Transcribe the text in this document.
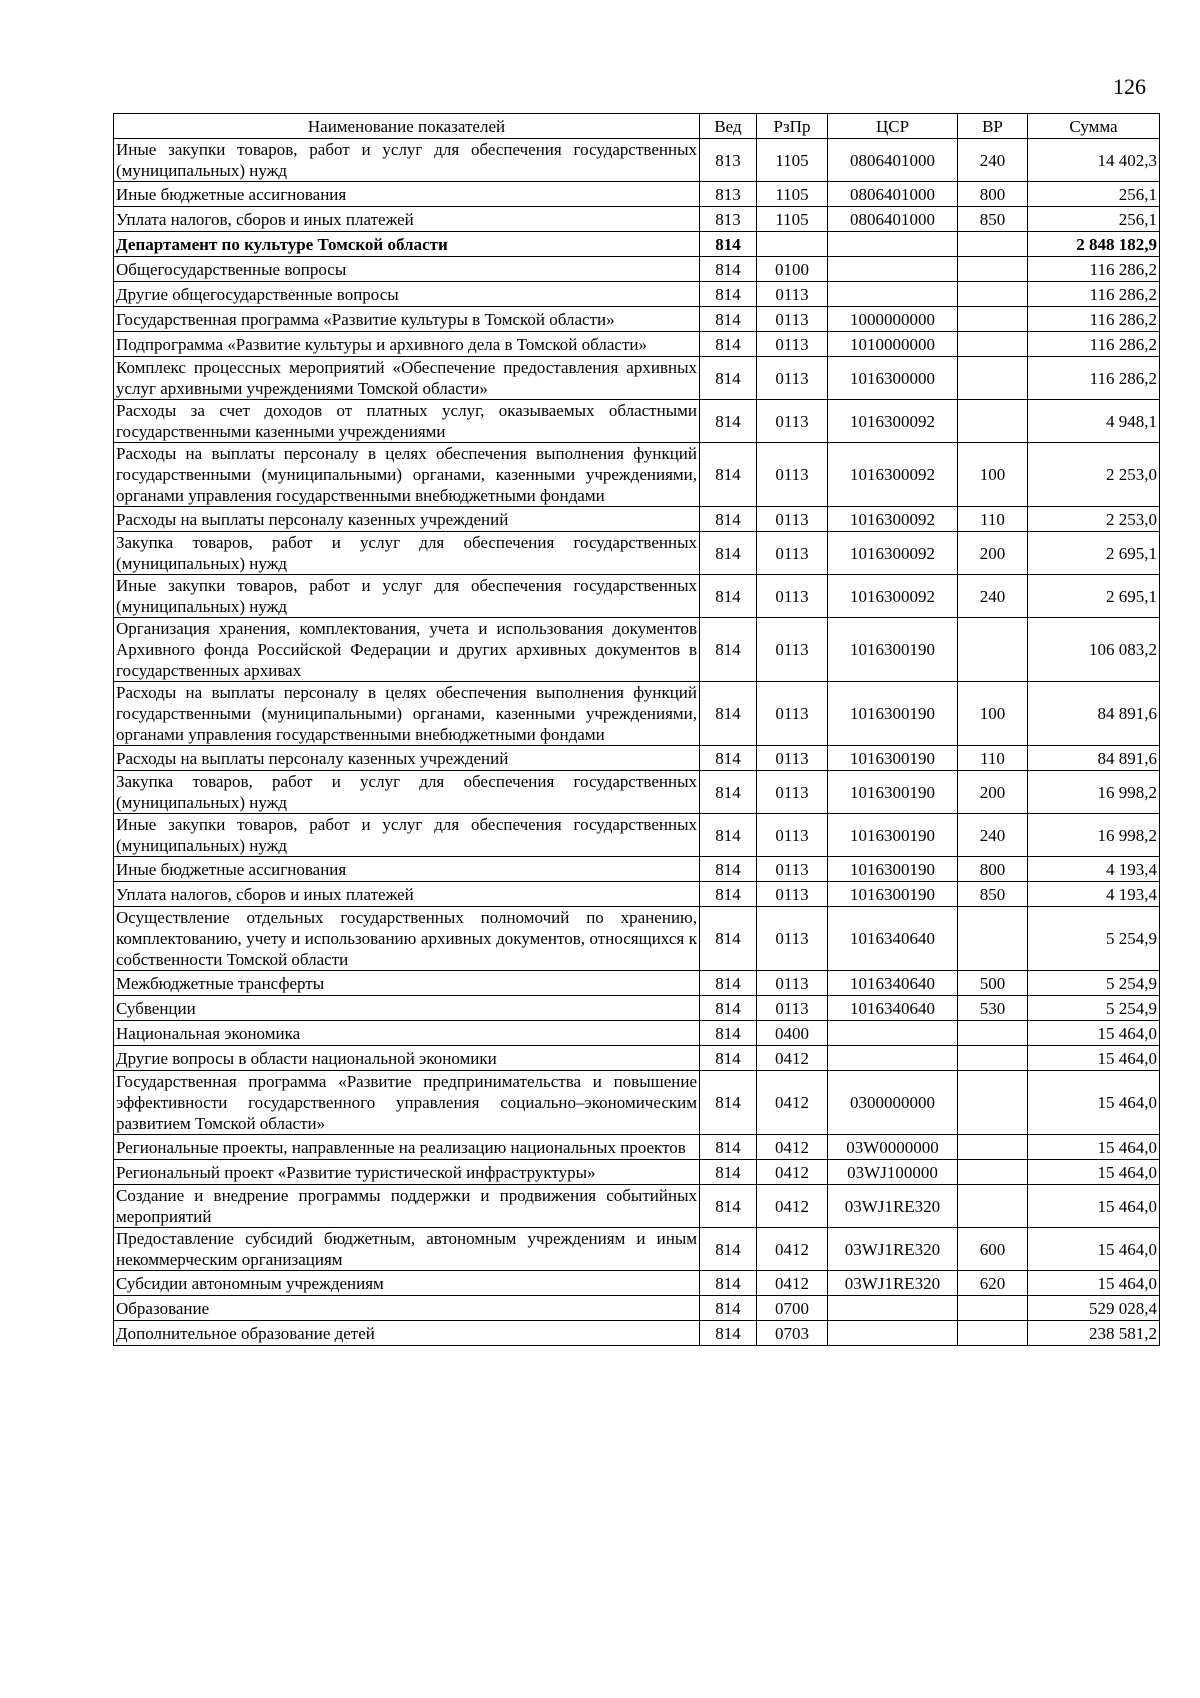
126
Наименование показателей	Вед	РзПр	ЦСР	ВР	Сумма
Иные закупки товаров, работ и услуг для обеспечения государственных (муниципальных) нужд	813	1105	0806401000	240	14 402,3
Иные бюджетные ассигнования	813	1105	0806401000	800	256,1
Уплата налогов, сборов и иных платежей	813	1105	0806401000	850	256,1
Департамент по культуре Томской области	814				2 848 182,9
Общегосударственные вопросы	814	0100			116 286,2
Другие общегосударственные вопросы	814	0113			116 286,2
Государственная программа «Развитие культуры в Томской области»	814	0113	1000000000		116 286,2
Подпрограмма «Развитие культуры и архивного дела в Томской области»	814	0113	1010000000		116 286,2
Комплекс процессных мероприятий «Обеспечение предоставления архивных услуг архивными учреждениями Томской области»	814	0113	1016300000		116 286,2
Расходы за счет доходов от платных услуг, оказываемых областными государственными казенными учреждениями	814	0113	1016300092		4 948,1
Расходы на выплаты персоналу в целях обеспечения выполнения функций государственными (муниципальными) органами, казенными учреждениями, органами управления государственными внебюджетными фондами	814	0113	1016300092	100	2 253,0
Расходы на выплаты персоналу казенных учреждений	814	0113	1016300092	110	2 253,0
Закупка товаров, работ и услуг для обеспечения государственных (муниципальных) нужд	814	0113	1016300092	200	2 695,1
Иные закупки товаров, работ и услуг для обеспечения государственных (муниципальных) нужд	814	0113	1016300092	240	2 695,1
Организация хранения, комплектования, учета и использования документов Архивного фонда Российской Федерации и других архивных документов в государственных архивах	814	0113	1016300190		106 083,2
Расходы на выплаты персоналу в целях обеспечения выполнения функций государственными (муниципальными) органами, казенными учреждениями, органами управления государственными внебюджетными фондами	814	0113	1016300190	100	84 891,6
Расходы на выплаты персоналу казенных учреждений	814	0113	1016300190	110	84 891,6
Закупка товаров, работ и услуг для обеспечения государственных (муниципальных) нужд	814	0113	1016300190	200	16 998,2
Иные закупки товаров, работ и услуг для обеспечения государственных (муниципальных) нужд	814	0113	1016300190	240	16 998,2
Иные бюджетные ассигнования	814	0113	1016300190	800	4 193,4
Уплата налогов, сборов и иных платежей	814	0113	1016300190	850	4 193,4
Осуществление отдельных государственных полномочий по хранению, комплектованию, учету и использованию архивных документов, относящихся к собственности Томской области	814	0113	1016340640		5 254,9
Межбюджетные трансферты	814	0113	1016340640	500	5 254,9
Субвенции	814	0113	1016340640	530	5 254,9
Национальная экономика	814	0400			15 464,0
Другие вопросы в области национальной экономики	814	0412			15 464,0
Государственная программа «Развитие предпринимательства и повышение эффективности государственного управления социально–экономическим развитием Томской области»	814	0412	0300000000		15 464,0
Региональные проекты, направленные на реализацию национальных проектов	814	0412	03W0000000		15 464,0
Региональный проект «Развитие туристической инфраструктуры»	814	0412	03WJ100000		15 464,0
Создание и внедрение программы поддержки и продвижения событийных мероприятий	814	0412	03WJ1RE320		15 464,0
Предоставление субсидий бюджетным, автономным учреждениям и иным некоммерческим организациям	814	0412	03WJ1RE320	600	15 464,0
Субсидии автономным учреждениям	814	0412	03WJ1RE320	620	15 464,0
Образование	814	0700			529 028,4
Дополнительное образование детей	814	0703			238 581,2
